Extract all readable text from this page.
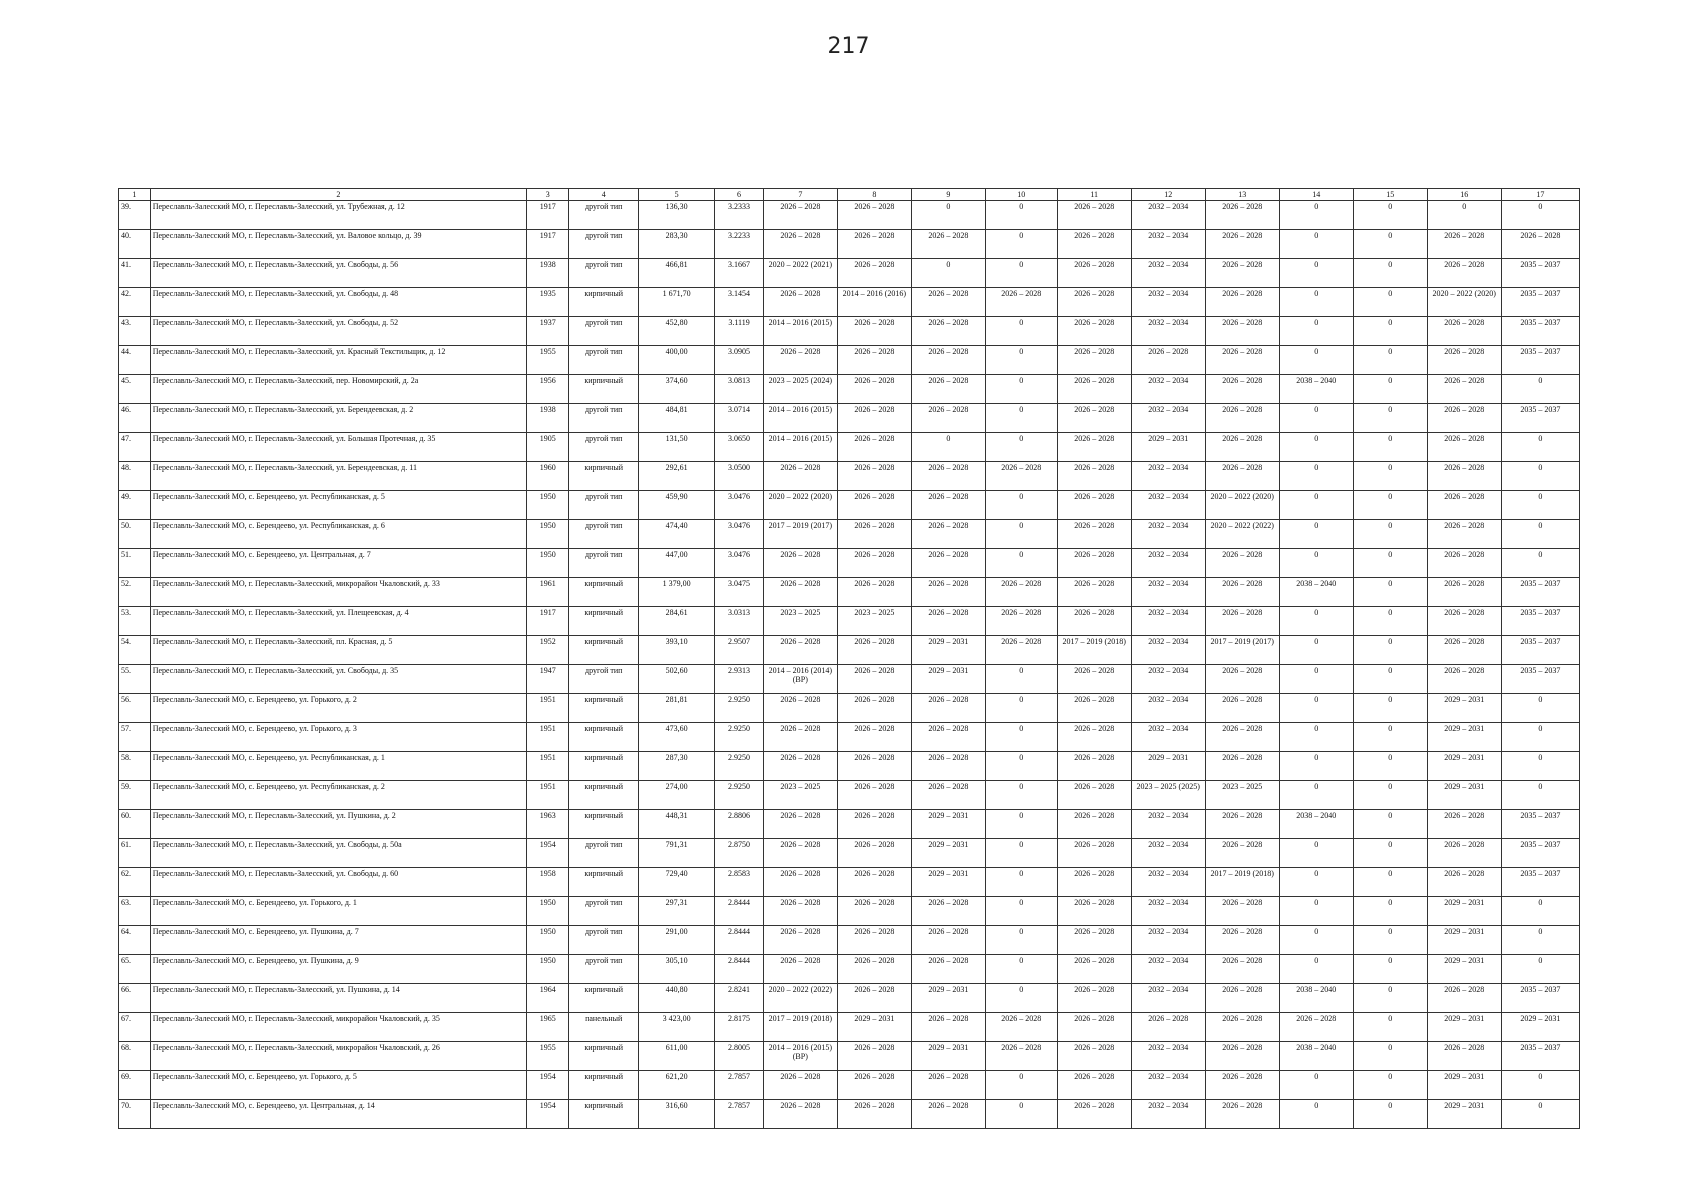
217
1	2	3	4	5	6	7	8	9	10	11	12	13	14	15	16	17
39.	Переславль-Залесский МО, г. Переславль-Залесский, ул. Трубежная, д. 12	1917	другой тип	136,30	3.2333	2026 – 2028	2026 – 2028	0	0	2026 – 2028	2032 – 2034	2026 – 2028	0	0	0	0
40.	Переславль-Залесский МО, г. Переславль-Залесский, ул. Валовое кольцо, д. 39	1917	другой тип	283,30	3.2233	2026 – 2028	2026 – 2028	2026 – 2028	0	2026 – 2028	2032 – 2034	2026 – 2028	0	0	2026 – 2028	2026 – 2028
41.	Переславль-Залесский МО, г. Переславль-Залесский, ул. Свободы, д. 56	1938	другой тип	466,81	3.1667	2020 – 2022 (2021)	2026 – 2028	0	0	2026 – 2028	2032 – 2034	2026 – 2028	0	0	2026 – 2028	2035 – 2037
42.	Переславль-Залесский МО, г. Переславль-Залесский, ул. Свободы, д. 48	1935	кирпичный	1 671,70	3.1454	2026 – 2028	2014 – 2016 (2016)	2026 – 2028	2026 – 2028	2026 – 2028	2032 – 2034	2026 – 2028	0	0	2020 – 2022 (2020)	2035 – 2037
43.	Переславль-Залесский МО, г. Переславль-Залесский, ул. Свободы, д. 52	1937	другой тип	452,80	3.1119	2014 – 2016 (2015)	2026 – 2028	2026 – 2028	0	2026 – 2028	2032 – 2034	2026 – 2028	0	0	2026 – 2028	2035 – 2037
44.	Переславль-Залесский МО, г. Переславль-Залесский, ул. Красный Текстильщик, д. 12	1955	другой тип	400,00	3.0905	2026 – 2028	2026 – 2028	2026 – 2028	0	2026 – 2028	2026 – 2028	2026 – 2028	0	0	2026 – 2028	2035 – 2037
45.	Переславль-Залесский МО, г. Переславль-Залесский, пер. Новомирский, д. 2а	1956	кирпичный	374,60	3.0813	2023 – 2025 (2024)	2026 – 2028	2026 – 2028	0	2026 – 2028	2032 – 2034	2026 – 2028	2038 – 2040	0	2026 – 2028	0
46.	Переславль-Залесский МО, г. Переславль-Залесский, ул. Берендеевская, д. 2	1938	другой тип	484,81	3.0714	2014 – 2016 (2015)	2026 – 2028	2026 – 2028	0	2026 – 2028	2032 – 2034	2026 – 2028	0	0	2026 – 2028	2035 – 2037
47.	Переславль-Залесский МО, г. Переславль-Залесский, ул. Большая Протечная, д. 35	1905	другой тип	131,50	3.0650	2014 – 2016 (2015)	2026 – 2028	0	0	2026 – 2028	2029 – 2031	2026 – 2028	0	0	2026 – 2028	0
48.	Переславль-Залесский МО, г. Переславль-Залесский, ул. Берендеевская, д. 11	1960	кирпичный	292,61	3.0500	2026 – 2028	2026 – 2028	2026 – 2028	2026 – 2028	2026 – 2028	2032 – 2034	2026 – 2028	0	0	2026 – 2028	0
49.	Переславль-Залесский МО, с. Берендеево, ул. Республиканская, д. 5	1950	другой тип	459,90	3.0476	2020 – 2022 (2020)	2026 – 2028	2026 – 2028	0	2026 – 2028	2032 – 2034	2020 – 2022 (2020)	0	0	2026 – 2028	0
50.	Переславль-Залесский МО, с. Берендеево, ул. Республиканская, д. 6	1950	другой тип	474,40	3.0476	2017 – 2019 (2017)	2026 – 2028	2026 – 2028	0	2026 – 2028	2032 – 2034	2020 – 2022 (2022)	0	0	2026 – 2028	0
51.	Переславль-Залесский МО, с. Берендеево, ул. Центральная, д. 7	1950	другой тип	447,00	3.0476	2026 – 2028	2026 – 2028	2026 – 2028	0	2026 – 2028	2032 – 2034	2026 – 2028	0	0	2026 – 2028	0
52.	Переславль-Залесский МО, г. Переславль-Залесский, микрорайон Чкаловский, д. 33	1961	кирпичный	1 379,00	3.0475	2026 – 2028	2026 – 2028	2026 – 2028	2026 – 2028	2026 – 2028	2032 – 2034	2026 – 2028	2038 – 2040	0	2026 – 2028	2035 – 2037
53.	Переславль-Залесский МО, г. Переславль-Залесский, ул. Плещеевская, д. 4	1917	кирпичный	284,61	3.0313	2023 – 2025	2023 – 2025	2026 – 2028	2026 – 2028	2026 – 2028	2032 – 2034	2026 – 2028	0	0	2026 – 2028	2035 – 2037
54.	Переславль-Залесский МО, г. Переславль-Залесский, пл. Красная, д. 5	1952	кирпичный	393,10	2.9507	2026 – 2028	2026 – 2028	2029 – 2031	2026 – 2028	2017 – 2019 (2018)	2032 – 2034	2017 – 2019 (2017)	0	0	2026 – 2028	2035 – 2037
55.	Переславль-Залесский МО, г. Переславль-Залесский, ул. Свободы, д. 35	1947	другой тип	502,60	2.9313	2014 – 2016 (2014) (ВР)	2026 – 2028	2029 – 2031	0	2026 – 2028	2032 – 2034	2026 – 2028	0	0	2026 – 2028	2035 – 2037
56.	Переславль-Залесский МО, с. Берендеево, ул. Горького, д. 2	1951	кирпичный	281,81	2.9250	2026 – 2028	2026 – 2028	2026 – 2028	0	2026 – 2028	2032 – 2034	2026 – 2028	0	0	2029 – 2031	0
57.	Переславль-Залесский МО, с. Берендеево, ул. Горького, д. 3	1951	кирпичный	473,60	2.9250	2026 – 2028	2026 – 2028	2026 – 2028	0	2026 – 2028	2032 – 2034	2026 – 2028	0	0	2029 – 2031	0
58.	Переславль-Залесский МО, с. Берендеево, ул. Республиканская, д. 1	1951	кирпичный	287,30	2.9250	2026 – 2028	2026 – 2028	2026 – 2028	0	2026 – 2028	2029 – 2031	2026 – 2028	0	0	2029 – 2031	0
59.	Переславль-Залесский МО, с. Берендеево, ул. Республиканская, д. 2	1951	кирпичный	274,00	2.9250	2023 – 2025	2026 – 2028	2026 – 2028	0	2026 – 2028	2023 – 2025 (2025)	2023 – 2025	0	0	2029 – 2031	0
60.	Переславль-Залесский МО, г. Переславль-Залесский, ул. Пушкина, д. 2	1963	кирпичный	448,31	2.8806	2026 – 2028	2026 – 2028	2029 – 2031	0	2026 – 2028	2032 – 2034	2026 – 2028	2038 – 2040	0	2026 – 2028	2035 – 2037
61.	Переславль-Залесский МО, г. Переславль-Залесский, ул. Свободы, д. 50а	1954	другой тип	791,31	2.8750	2026 – 2028	2026 – 2028	2029 – 2031	0	2026 – 2028	2032 – 2034	2026 – 2028	0	0	2026 – 2028	2035 – 2037
62.	Переславль-Залесский МО, г. Переславль-Залесский, ул. Свободы, д. 60	1958	кирпичный	729,40	2.8583	2026 – 2028	2026 – 2028	2029 – 2031	0	2026 – 2028	2032 – 2034	2017 – 2019 (2018)	0	0	2026 – 2028	2035 – 2037
63.	Переславль-Залесский МО, с. Берендеево, ул. Горького, д. 1	1950	другой тип	297,31	2.8444	2026 – 2028	2026 – 2028	2026 – 2028	0	2026 – 2028	2032 – 2034	2026 – 2028	0	0	2029 – 2031	0
64.	Переславль-Залесский МО, с. Берендеево, ул. Пушкина, д. 7	1950	другой тип	291,00	2.8444	2026 – 2028	2026 – 2028	2026 – 2028	0	2026 – 2028	2032 – 2034	2026 – 2028	0	0	2029 – 2031	0
65.	Переславль-Залесский МО, с. Берендеево, ул. Пушкина, д. 9	1950	другой тип	305,10	2.8444	2026 – 2028	2026 – 2028	2026 – 2028	0	2026 – 2028	2032 – 2034	2026 – 2028	0	0	2029 – 2031	0
66.	Переславль-Залесский МО, г. Переславль-Залесский, ул. Пушкина, д. 14	1964	кирпичный	440,80	2.8241	2020 – 2022 (2022)	2026 – 2028	2029 – 2031	0	2026 – 2028	2032 – 2034	2026 – 2028	2038 – 2040	0	2026 – 2028	2035 – 2037
67.	Переславль-Залесский МО, г. Переславль-Залесский, микрорайон Чкаловский, д. 35	1965	панельный	3 423,00	2.8175	2017 – 2019 (2018)	2029 – 2031	2026 – 2028	2026 – 2028	2026 – 2028	2026 – 2028	2026 – 2028	2026 – 2028	0	2029 – 2031	2029 – 2031
68.	Переславль-Залесский МО, г. Переславль-Залесский, микрорайон Чкаловский, д. 26	1955	кирпичный	611,00	2.8005	2014 – 2016 (2015) (ВР)	2026 – 2028	2029 – 2031	2026 – 2028	2026 – 2028	2032 – 2034	2026 – 2028	2038 – 2040	0	2026 – 2028	2035 – 2037
69.	Переславль-Залесский МО, с. Берендеево, ул. Горького, д. 5	1954	кирпичный	621,20	2.7857	2026 – 2028	2026 – 2028	2026 – 2028	0	2026 – 2028	2032 – 2034	2026 – 2028	0	0	2029 – 2031	0
70.	Переславль-Залесский МО, с. Берендеево, ул. Центральная, д. 14	1954	кирпичный	316,60	2.7857	2026 – 2028	2026 – 2028	2026 – 2028	0	2026 – 2028	2032 – 2034	2026 – 2028	0	0	2029 – 2031	0
